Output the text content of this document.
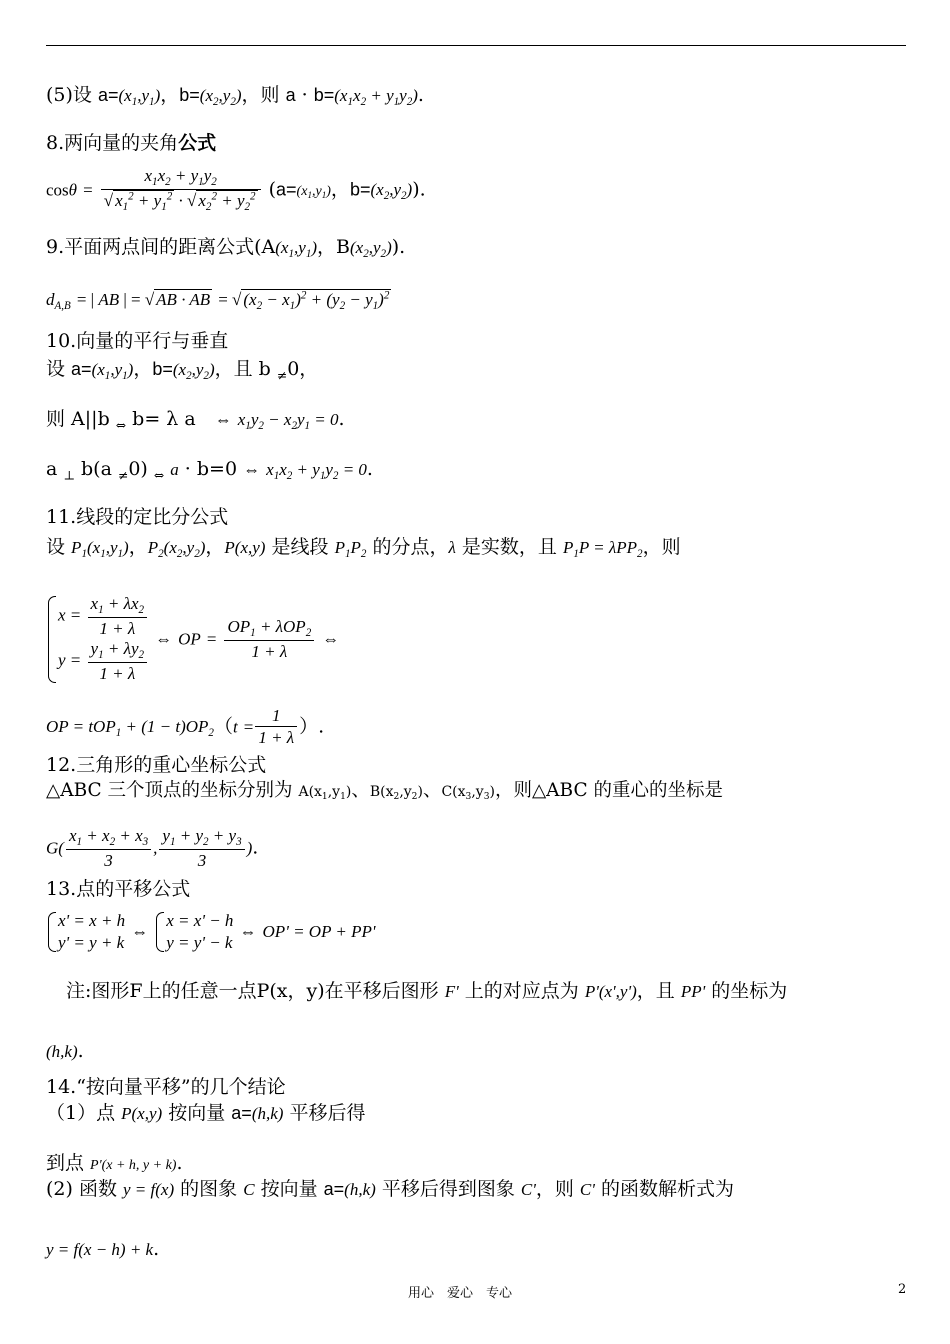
(5)设 $a=(x_1,y_1)$，$b=(x_2,y_2)$，则 $a \cdot b=(x_1x_2 + y_1y_2)$.
8.两向量的夹角公式
$\cos\theta = \frac{x_1x_2 + y_1y_2}{√ x_1^2 + y_1^2 \cdot √ x_2^2 + y_2^2} (a=(x_1,y_1)$，$b=(x_2,y_2)$).
9.平面两点间的距离公式($A(x_1,y_1)$，$B(x_2,y_2)$).
$d_{A,B}$ = | AB | = √ AB · AB = √ $(x_2 - x_1)^2 + (y_2 - y_1)^2$
10.向量的平行与垂直
设 $a=(x_1,y_1)$，$b=(x_2,y_2)$，且 b $_\ne$0，
则 A||b $_\Leftrightarrow$ b= λ a　⇔ $x_1y_2 - x_2y_1 = 0$.
a $_\perp$ b(a $_\ne$0) $_\Leftrightarrow$ a · b=0 ⇔ $x_1x_2 + y_1y_2 = 0$.
11.线段的定比分公式
设 $P_1(x_1,y_1)$，$P_2(x_2,y_2)$，P(x,y) 是线段 $P_1P_2$ 的分点，λ 是实数，且 $P_1P = \lambda PP_2$，则
$x = \frac{x_1 + \lambda x_2}{1 + \lambda}$
$y = \frac{y_1 + \lambda y_2}{1 + \lambda}$
⇔ OP = $\frac{OP_1 + \lambda OP_2}{1 + \lambda}$ ⇔
OP = $tOP_1 + (1 - t)OP_2(t = \frac{1}{1 + \lambda}$ ）.
12.三角形的重心坐标公式
△ABC 三个顶点的坐标分别为 $A(x_1,y_1)$、$B(x_2,y_2)$、$C(x_3,y_3)$，则△ABC 的重心的坐标是
$G( \frac{x_1 + x_2 + x_3}{3}$ , $\frac{y_1 + y_2 + y_3}{3}$ ).
13.点的平移公式
x' = x + h
y' = y + k
⇔
x = x' − h
y = y' − k
⇔ OP' = OP + PP'
注:图形F上的任意一点P(x，y)在平移后图形 F' 上的对应点为 P'(x',y')，且 PP' 的坐标为
(h,k).
14.“按向量平移”的几个结论
（1）点 P(x,y) 按向量 a=(h,k) 平移后得
到点 P'(x + h, y + k).
(2) 函数 y = f(x) 的图象 C 按向量 a=(h,k) 平移后得到图象 C'，则 C' 的函数解析式为
y = f(x − h) + k.
用心　爱心　专心	2
